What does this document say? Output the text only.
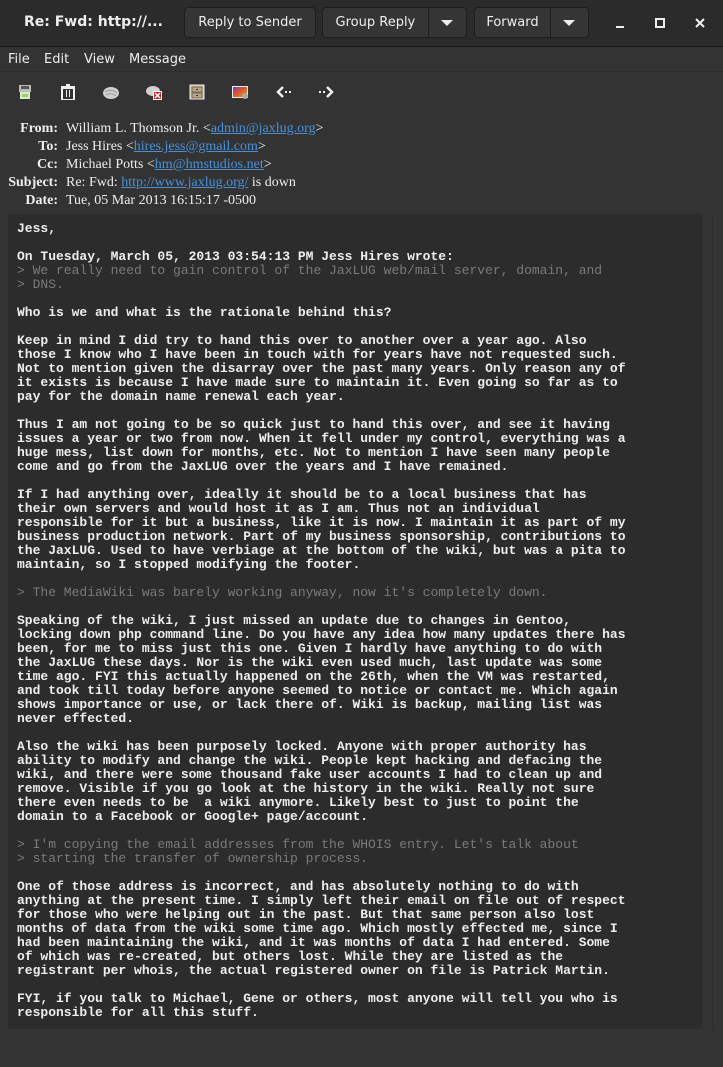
Re: Fwd: http://...	Reply to Sender	Group Reply	Forward
File Edit View Message
From: William L. Thomson Jr. <admin@jaxlug.org>
To: Jess Hires <hires.jess@gmail.com>
Cc: Michael Potts <hm@hmstudios.net>
Subject: Re: Fwd: http://www.jaxlug.org/ is down
Date: Tue, 05 Mar 2013 16:15:17 -0500
Jess,
On Tuesday, March 05, 2013 03:54:13 PM Jess Hires wrote:
> We really need to gain control of the JaxLUG web/mail server, domain, and
> DNS.
Who is we and what is the rationale behind this?
Keep in mind I did try to hand this over to another over a year ago. Also
those I know who I have been in touch with for years have not requested such.
Not to mention given the disarray over the past many years. Only reason any of
it exists is because I have made sure to maintain it. Even going so far as to
pay for the domain name renewal each year.
Thus I am not going to be so quick just to hand this over, and see it having
issues a year or two from now. When it fell under my control, everything was a
huge mess, list down for months, etc. Not to mention I have seen many people
come and go from the JaxLUG over the years and I have remained.
If I had anything over, ideally it should be to a local business that has
their own servers and would host it as I am. Thus not an individual
responsible for it but a business, like it is now. I maintain it as part of my
business production network. Part of my business sponsorship, contributions to
the JaxLUG. Used to have verbiage at the bottom of the wiki, but was a pita to
maintain, so I stopped modifying the footer.
> The MediaWiki was barely working anyway, now it's completely down.
Speaking of the wiki, I just missed an update due to changes in Gentoo,
locking down php command line. Do you have any idea how many updates there has
been, for me to miss just this one. Given I hardly have anything to do with
the JaxLUG these days. Nor is the wiki even used much, last update was some
time ago. FYI this actually happened on the 26th, when the VM was restarted,
and took till today before anyone seemed to notice or contact me. Which again
shows importance or use, or lack there of. Wiki is backup, mailing list was
never effected.
Also the wiki has been purposely locked. Anyone with proper authority has
ability to modify and change the wiki. People kept hacking and defacing the
wiki, and there were some thousand fake user accounts I had to clean up and
remove. Visible if you go look at the history in the wiki. Really not sure
there even needs to be  a wiki anymore. Likely best to just to point the
domain to a Facebook or Google+ page/account.
> I'm copying the email addresses from the WHOIS entry. Let's talk about
> starting the transfer of ownership process.
One of those address is incorrect, and has absolutely nothing to do with
anything at the present time. I simply left their email on file out of respect
for those who were helping out in the past. But that same person also lost
months of data from the wiki some time ago. Which mostly effected me, since I
had been maintaining the wiki, and it was months of data I had entered. Some
of which was re-created, but others lost. While they are listed as the
registrant per whois, the actual registered owner on file is Patrick Martin.
FYI, if you talk to Michael, Gene or others, most anyone will tell you who is
responsible for all this stuff.
